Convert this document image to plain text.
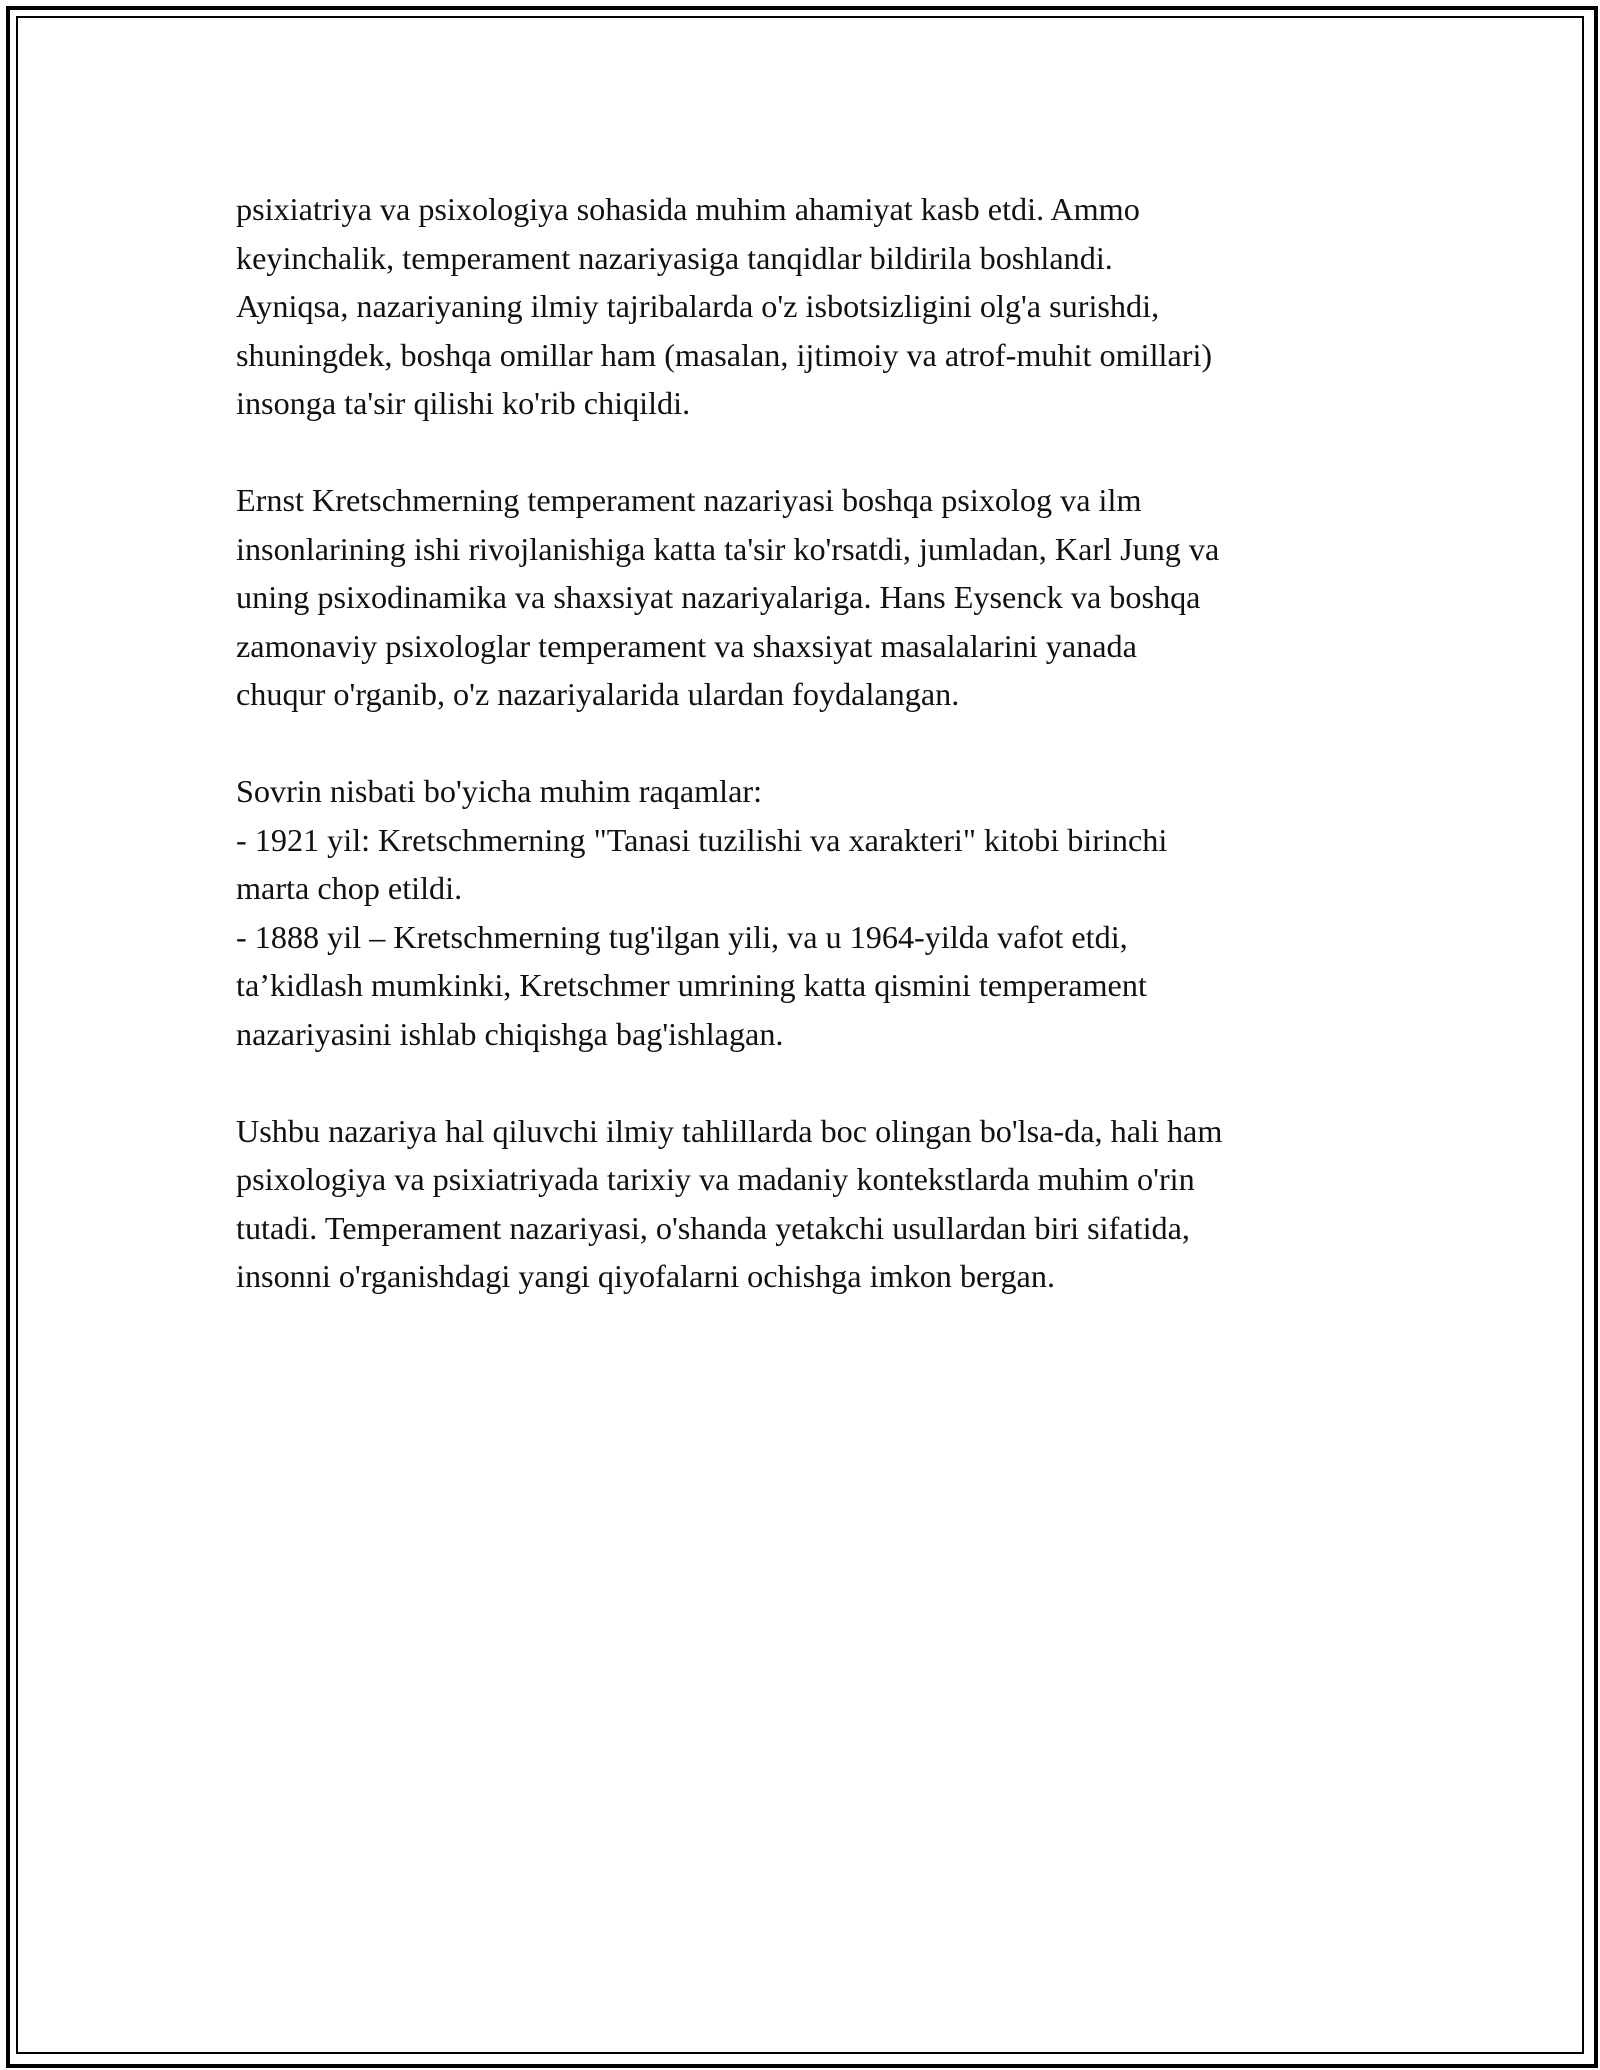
psixiatriya va psixologiya sohasida muhim ahamiyat kasb etdi. Ammo
keyinchalik, temperament nazariyasiga tanqidlar bildirila boshlandi.
Ayniqsa, nazariyaning ilmiy tajribalarda o'z isbotsizligini olg'a surishdi,
shuningdek, boshqa omillar ham (masalan, ijtimoiy va atrof-muhit omillari)
insonga ta'sir qilishi ko'rib chiqildi.

Ernst Kretschmerning temperament nazariyasi boshqa psixolog va ilm
insonlarining ishi rivojlanishiga katta ta'sir ko'rsatdi, jumladan, Karl Jung va
uning psixodinamika va shaxsiyat nazariyalariga. Hans Eysenck va boshqa
zamonaviy psixologlar temperament va shaxsiyat masalalarini yanada
chuqur o'rganib, o'z nazariyalarida ulardan foydalangan.

Sovrin nisbati bo'yicha muhim raqamlar:
- 1921 yil: Kretschmerning "Tanasi tuzilishi va xarakteri" kitobi birinchi
marta chop etildi.
- 1888 yil – Kretschmerning tug'ilgan yili, va u 1964-yilda vafot etdi,
ta’kidlash mumkinki, Kretschmer umrining katta qismini temperament
nazariyasini ishlab chiqishga bag'ishlagan.

Ushbu nazariya hal qiluvchi ilmiy tahlillarda boc olingan bo'lsa-da, hali ham
psixologiya va psixiatriyada tarixiy va madaniy kontekstlarda muhim o'rin
tutadi. Temperament nazariyasi, o'shanda yetakchi usullardan biri sifatida,
insonni o'rganishdagi yangi qiyofalarni ochishga imkon bergan.
